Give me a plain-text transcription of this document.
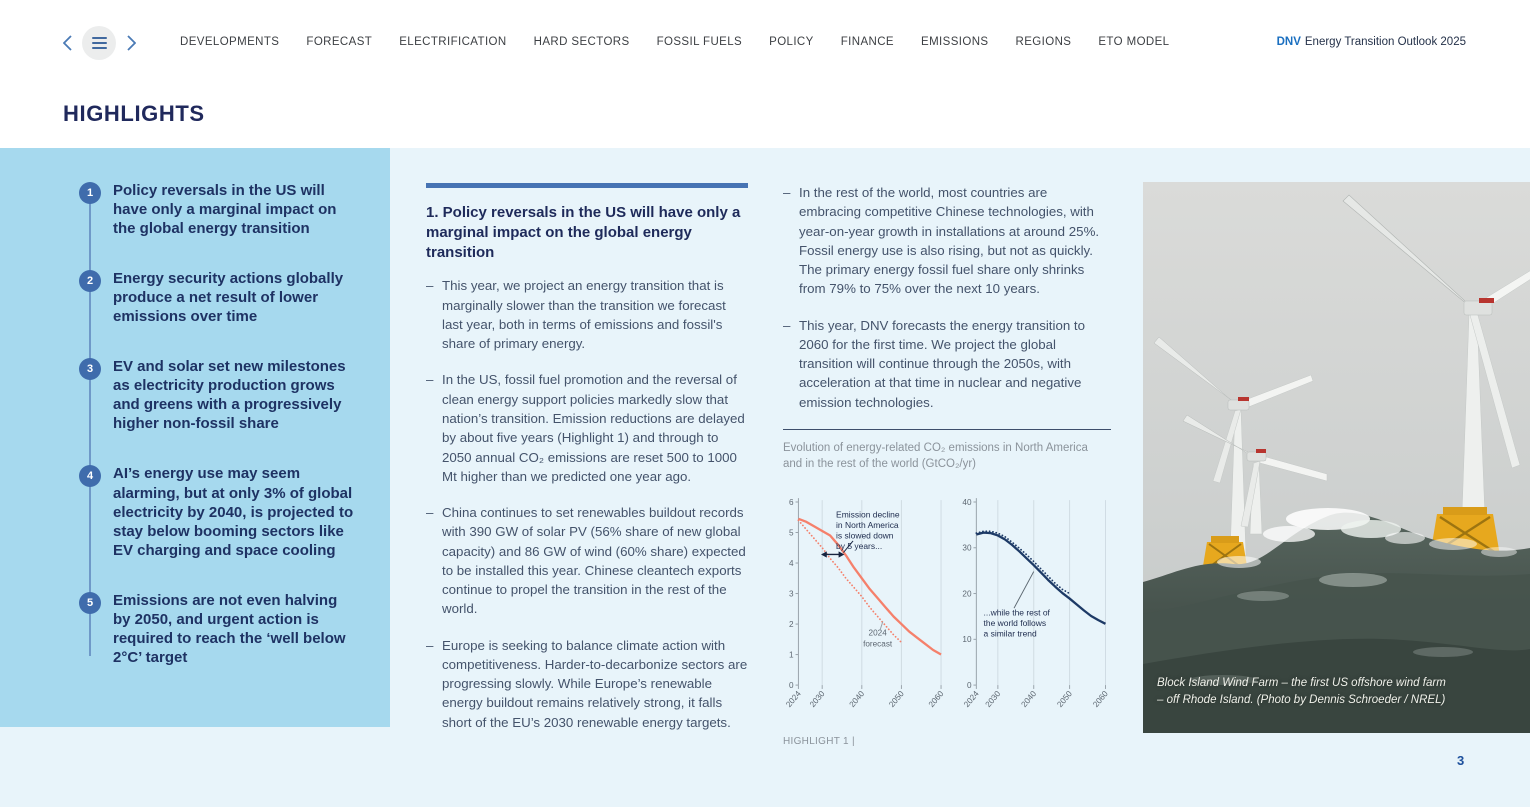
DEVELOPMENTS FORECAST ELECTRIFICATION HARD SECTORS FOSSIL FUELS POLICY FINANCE EMISSIONS REGIONS ETO MODEL	DNV Energy Transition Outlook 2025
HIGHLIGHTS
1	Policy reversals in the US will have only a marginal impact on the global energy transition
2	Energy security actions globally produce a net result of lower emissions over time
3	EV and solar set new milestones as electricity production grows and greens with a progressively higher non-fossil share
4	AI’s energy use may seem alarming, but at only 3% of global electricity by 2040, is projected to stay below booming sectors like EV charging and space cooling
5	Emissions are not even halving by 2050, and urgent action is required to reach the ‘well below 2°C’ target
1. Policy reversals in the US will have only a marginal impact on the global energy transition
– This year, we project an energy transition that is marginally slower than the transition we forecast last year, both in terms of emissions and fossil's share of primary energy.
– In the US, fossil fuel promotion and the reversal of clean energy support policies markedly slow that nation’s transition. Emission reductions are delayed by about five years (Highlight 1) and through to 2050 annual CO₂ emissions are reset 500 to 1000 Mt higher than we predicted one year ago.
– China continues to set renewables buildout records with 390 GW of solar PV (56% share of new global capacity) and 86 GW of wind (60% share) expected to be installed this year. Chinese cleantech exports continue to propel the transition in the rest of the world.
– Europe is seeking to balance climate action with competitiveness. Harder-to-decarbonize sectors are progressing slowly. While Europe’s renewable energy buildout remains relatively strong, it falls short of the EU’s 2030 renewable energy targets.
– In the rest of the world, most countries are embracing competitive Chinese technologies, with year-on-year growth in installations at around 25%. Fossil energy use is also rising, but not as quickly. The primary energy fossil fuel share only shrinks from 79% to 75% over the next 10 years.
– This year, DNV forecasts the energy transition to 2060 for the first time. We project the global transition will continue through the 2050s, with acceleration at that time in nuclear and negative emission technologies.
Evolution of energy-related CO₂ emissions in North America
and in the rest of the world (GtCO₂/yr)
0
1
2
3
4
5
6
2024 2030 2040 2050 2060
Emission decline
in North America
is slowed down
by 5 years...
2024
forecast
0
10
20
30
40
2024 2030 2040 2050 2060
...while the rest of
the world follows
a similar trend
HIGHLIGHT 1 |
Block Island Wind Farm – the first US offshore wind farm
– off Rhode Island. (Photo by Dennis Schroeder / NREL)
3
